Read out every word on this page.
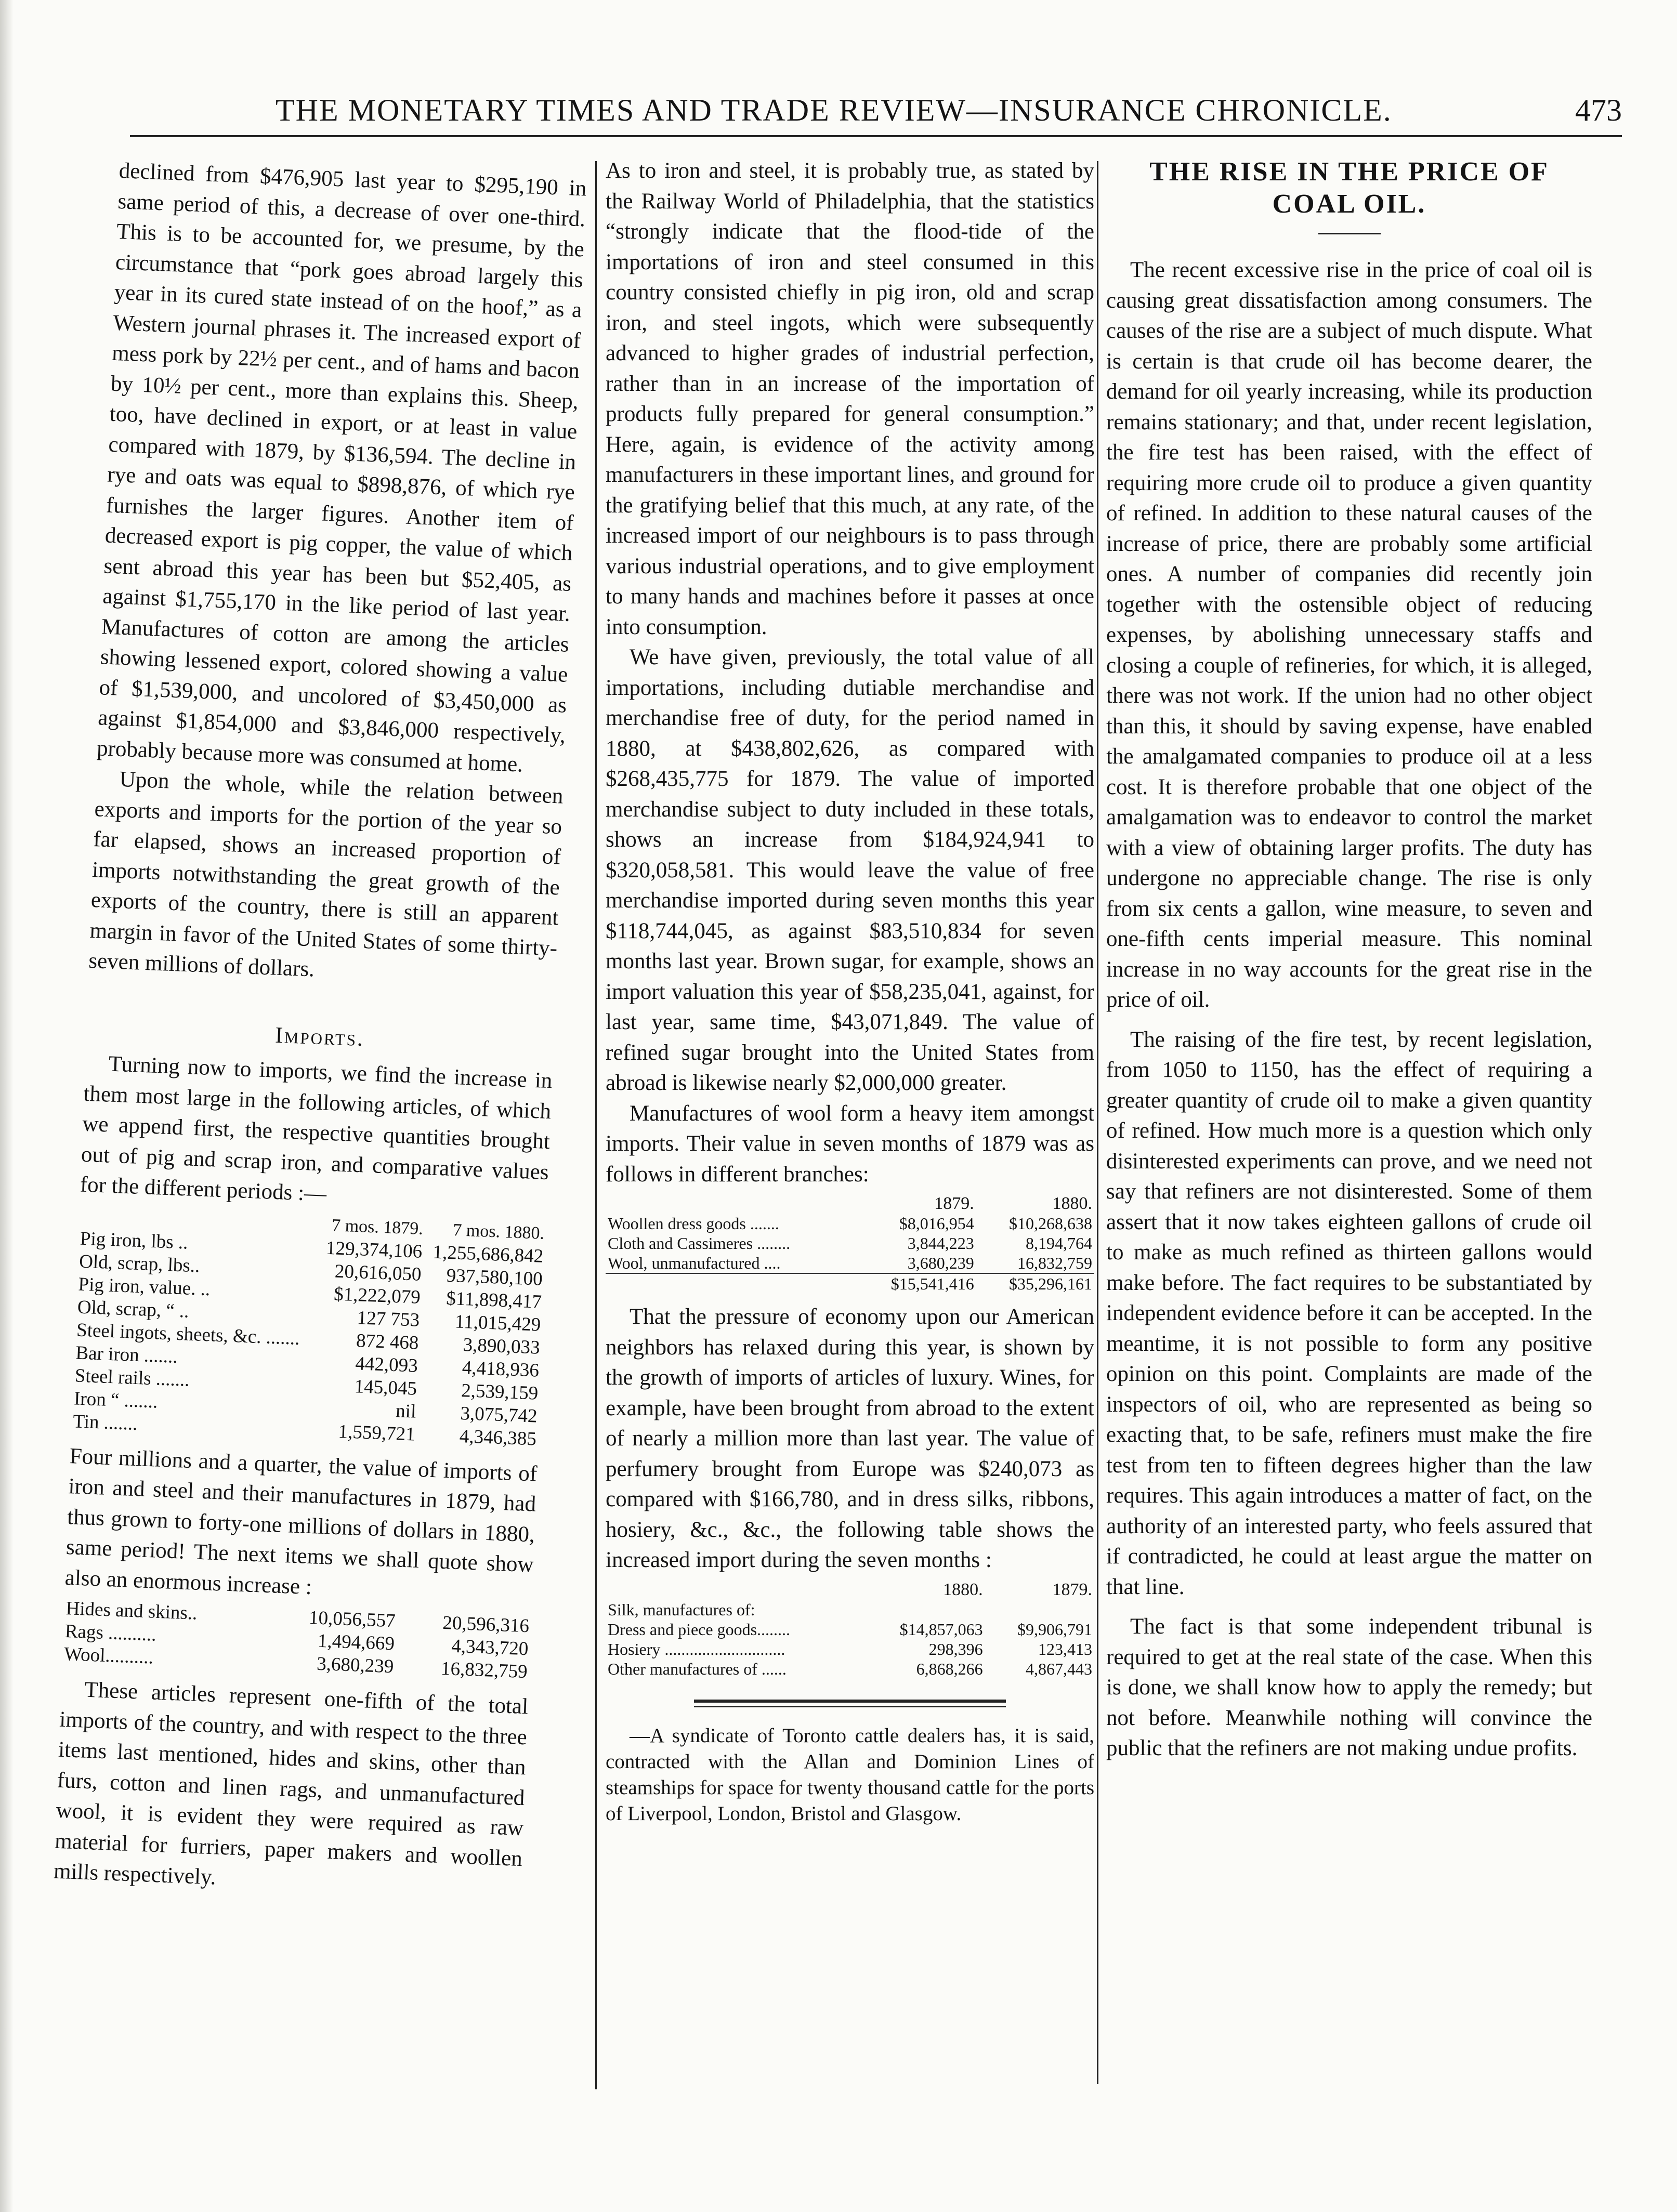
THE MONETARY TIMES AND TRADE REVIEW—INSURANCE CHRONICLE.	473

declined from $476,905 last year to $295,190 in same period of this, a decrease of over one-third. This is to be accounted for, we presume, by the circumstance that “pork goes abroad largely this year in its cured state instead of on the hoof,” as a Western journal phrases it. The increased export of mess pork by 22½ per cent., and of hams and bacon by 10½ per cent., more than explains this. Sheep, too, have declined in export, or at least in value compared with 1879, by $136,594. The decline in rye and oats was equal to $898,876, of which rye furnishes the larger figures. Another item of decreased export is pig copper, the value of which sent abroad this year has been but $52,405, as against $1,755,170 in the like period of last year. Manufactures of cotton are among the articles showing lessened export, colored showing a value of $1,539,000, and uncolored of $3,450,000 as against $1,854,000 and $3,846,000 respectively, probably because more was consumed at home.

Upon the whole, while the relation between exports and imports for the portion of the year so far elapsed, shows an increased proportion of imports notwithstanding the great growth of the exports of the country, there is still an apparent margin in favor of the United States of some thirty-seven millions of dollars.

Imports.

Turning now to imports, we find the increase in them most large in the following articles, of which we append first, the respective quantities brought out of pig and scrap iron, and comparative values for the different periods :—

	7 mos. 1879.	7 mos. 1880.
Pig iron, lbs ..	129,374,106	1,255,686,842
Old, scrap, lbs..	20,616,050	937,580,100
Pig iron, value. ..	$1,222,079	$11,898,417
Old, scrap, “ ..	127 753	11,015,429
Steel ingots, sheets, &c. .......	872 468	3,890,033
Bar iron .......	442,093	4,418,936
Steel rails .......	145,045	2,539,159
Iron “ .......	nil	3,075,742
Tin .......	1,559,721	4,346,385

Four millions and a quarter, the value of imports of iron and steel and their manufactures in 1879, had thus grown to forty-one millions of dollars in 1880, same period! The next items we shall quote show also an enormous increase :

Hides and skins..	10,056,557	20,596,316
Rags ..........	1,494,669	4,343,720
Wool..........	3,680,239	16,832,759

These articles represent one-fifth of the total imports of the country, and with respect to the three items last mentioned, hides and skins, other than furs, cotton and linen rags, and unmanufactured wool, it is evident they were required as raw material for furriers, paper makers and woollen mills respectively.

As to iron and steel, it is probably true, as stated by the Railway World of Philadelphia, that the statistics “strongly indicate that the flood-tide of the importations of iron and steel consumed in this country consisted chiefly in pig iron, old and scrap iron, and steel ingots, which were subsequently advanced to higher grades of industrial perfection, rather than in an increase of the importation of products fully prepared for general consumption.” Here, again, is evidence of the activity among manufacturers in these important lines, and ground for the gratifying belief that this much, at any rate, of the increased import of our neighbours is to pass through various industrial operations, and to give employment to many hands and machines before it passes at once into consumption.

We have given, previously, the total value of all importations, including dutiable merchandise and merchandise free of duty, for the period named in 1880, at $438,802,626, as compared with $268,435,775 for 1879. The value of imported merchandise subject to duty included in these totals, shows an increase from $184,924,941 to $320,058,581. This would leave the value of free merchandise imported during seven months this year $118,744,045, as against $83,510,834 for seven months last year. Brown sugar, for example, shows an import valuation this year of $58,235,041, against, for last year, same time, $43,071,849. The value of refined sugar brought into the United States from abroad is likewise nearly $2,000,000 greater.

Manufactures of wool form a heavy item amongst imports. Their value in seven months of 1879 was as follows in different branches:

	1879.	1880.
Woollen dress goods .......	$8,016,954	$10,268,638
Cloth and Cassimeres ........	3,844,223	8,194,764
Wool, unmanufactured ....	3,680,239	16,832,759
	$15,541,416	$35,296,161

That the pressure of economy upon our American neighbors has relaxed during this year, is shown by the growth of imports of articles of luxury. Wines, for example, have been brought from abroad to the extent of nearly a million more than last year. The value of perfumery brought from Europe was $240,073 as compared with $166,780, and in dress silks, ribbons, hosiery, &c., &c., the following table shows the increased import during the seven months :

	1880.	1879.
Silk, manufactures of:		
Dress and piece goods........	$14,857,063	$9,906,791
Hosiery .............................	298,396	123,413
Other manufactures of ......	6,868,266	4,867,443

—A syndicate of Toronto cattle dealers has, it is said, contracted with the Allan and Dominion Lines of steamships for space for twenty thousand cattle for the ports of Liverpool, London, Bristol and Glasgow.

THE RISE IN THE PRICE OF COAL OIL.

The recent excessive rise in the price of coal oil is causing great dissatisfaction among consumers. The causes of the rise are a subject of much dispute. What is certain is that crude oil has become dearer, the demand for oil yearly increasing, while its production remains stationary; and that, under recent legislation, the fire test has been raised, with the effect of requiring more crude oil to produce a given quantity of refined. In addition to these natural causes of the increase of price, there are probably some artificial ones. A number of companies did recently join together with the ostensible object of reducing expenses, by abolishing unnecessary staffs and closing a couple of refineries, for which, it is alleged, there was not work. If the union had no other object than this, it should by saving expense, have enabled the amalgamated companies to produce oil at a less cost. It is therefore probable that one object of the amalgamation was to endeavor to control the market with a view of obtaining larger profits. The duty has undergone no appreciable change. The rise is only from six cents a gallon, wine measure, to seven and one-fifth cents imperial measure. This nominal increase in no way accounts for the great rise in the price of oil.

The raising of the fire test, by recent legislation, from 1050 to 1150, has the effect of requiring a greater quantity of crude oil to make a given quantity of refined. How much more is a question which only disinterested experiments can prove, and we need not say that refiners are not disinterested. Some of them assert that it now takes eighteen gallons of crude oil to make as much refined as thirteen gallons would make before. The fact requires to be substantiated by independent evidence before it can be accepted. In the meantime, it is not possible to form any positive opinion on this point. Complaints are made of the inspectors of oil, who are represented as being so exacting that, to be safe, refiners must make the fire test from ten to fifteen degrees higher than the law requires. This again introduces a matter of fact, on the authority of an interested party, who feels assured that if contradicted, he could at least argue the matter on that line.

The fact is that some independent tribunal is required to get at the real state of the case. When this is done, we shall know how to apply the remedy; but not before. Meanwhile nothing will convince the public that the refiners are not making undue profits.
